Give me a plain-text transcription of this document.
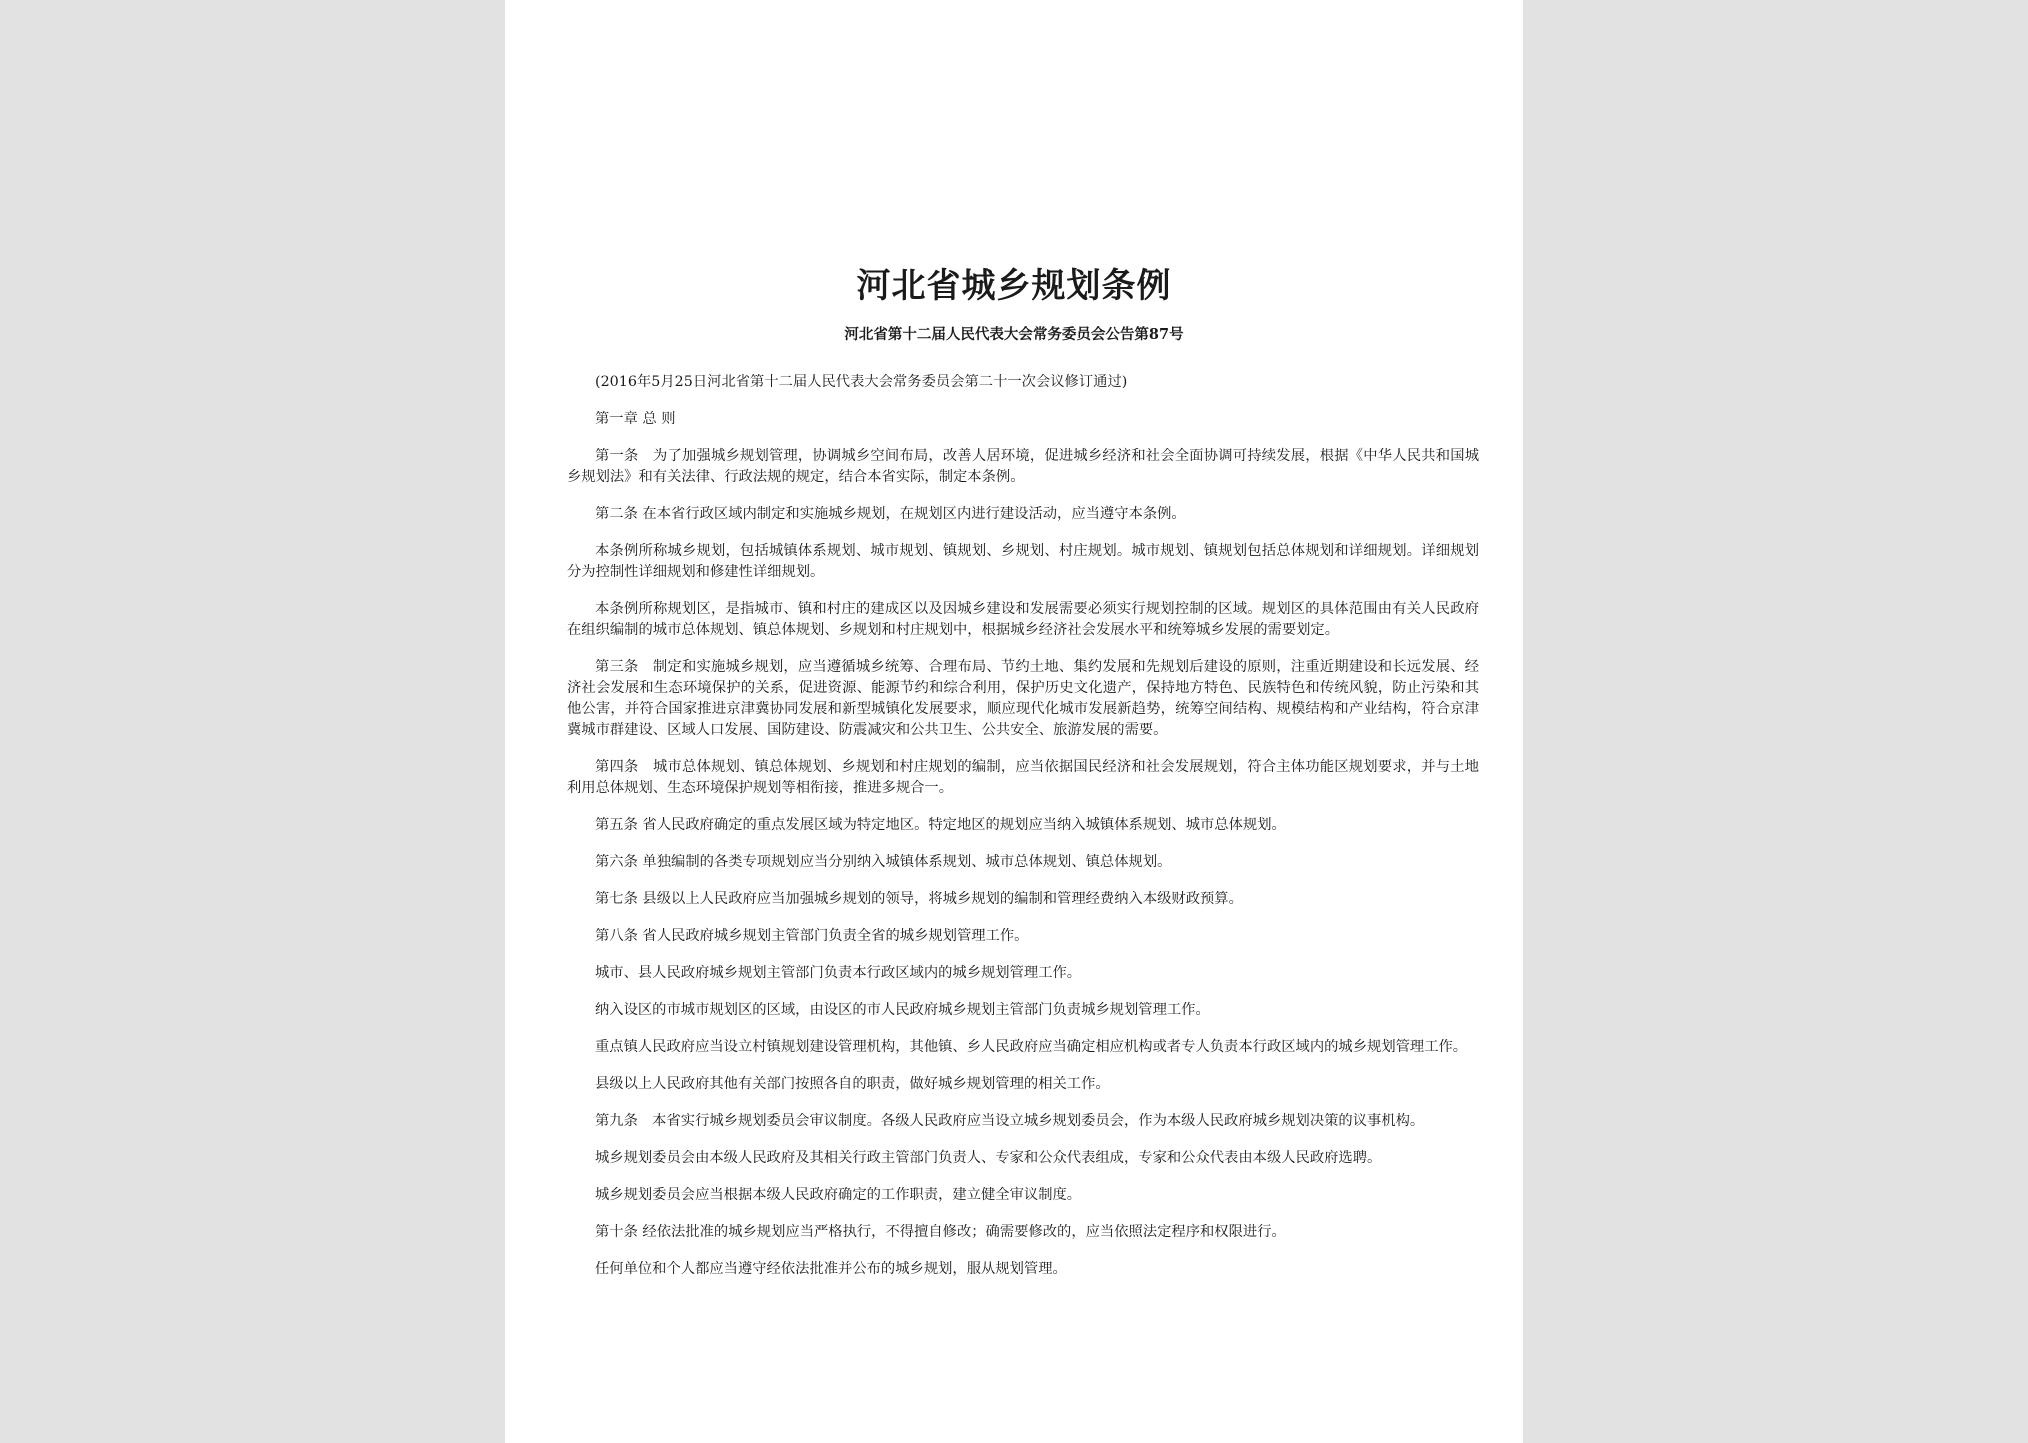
河北省城乡规划条例
河北省第十二届人民代表大会常务委员会公告第87号

(2016年5月25日河北省第十二届人民代表大会常务委员会第二十一次会议修订通过)

第一章 总 则

第一条　为了加强城乡规划管理，协调城乡空间布局，改善人居环境，促进城乡经济和社会全面协调可持续发展，根据《中华人民共和国城乡规划法》和有关法律、行政法规的规定，结合本省实际，制定本条例。

第二条 在本省行政区域内制定和实施城乡规划，在规划区内进行建设活动，应当遵守本条例。

本条例所称城乡规划，包括城镇体系规划、城市规划、镇规划、乡规划、村庄规划。城市规划、镇规划包括总体规划和详细规划。详细规划分为控制性详细规划和修建性详细规划。

本条例所称规划区，是指城市、镇和村庄的建成区以及因城乡建设和发展需要必须实行规划控制的区域。规划区的具体范围由有关人民政府在组织编制的城市总体规划、镇总体规划、乡规划和村庄规划中，根据城乡经济社会发展水平和统筹城乡发展的需要划定。

第三条　制定和实施城乡规划，应当遵循城乡统筹、合理布局、节约土地、集约发展和先规划后建设的原则，注重近期建设和长远发展、经济社会发展和生态环境保护的关系，促进资源、能源节约和综合利用，保护历史文化遗产，保持地方特色、民族特色和传统风貌，防止污染和其他公害，并符合国家推进京津冀协同发展和新型城镇化发展要求，顺应现代化城市发展新趋势，统筹空间结构、规模结构和产业结构，符合京津冀城市群建设、区域人口发展、国防建设、防震减灾和公共卫生、公共安全、旅游发展的需要。

第四条　城市总体规划、镇总体规划、乡规划和村庄规划的编制，应当依据国民经济和社会发展规划，符合主体功能区规划要求，并与土地利用总体规划、生态环境保护规划等相衔接，推进多规合一。

第五条 省人民政府确定的重点发展区域为特定地区。特定地区的规划应当纳入城镇体系规划、城市总体规划。

第六条 单独编制的各类专项规划应当分别纳入城镇体系规划、城市总体规划、镇总体规划。

第七条 县级以上人民政府应当加强城乡规划的领导，将城乡规划的编制和管理经费纳入本级财政预算。

第八条 省人民政府城乡规划主管部门负责全省的城乡规划管理工作。

城市、县人民政府城乡规划主管部门负责本行政区域内的城乡规划管理工作。

纳入设区的市城市规划区的区域，由设区的市人民政府城乡规划主管部门负责城乡规划管理工作。

重点镇人民政府应当设立村镇规划建设管理机构，其他镇、乡人民政府应当确定相应机构或者专人负责本行政区域内的城乡规划管理工作。

县级以上人民政府其他有关部门按照各自的职责，做好城乡规划管理的相关工作。

第九条　本省实行城乡规划委员会审议制度。各级人民政府应当设立城乡规划委员会，作为本级人民政府城乡规划决策的议事机构。

城乡规划委员会由本级人民政府及其相关行政主管部门负责人、专家和公众代表组成，专家和公众代表由本级人民政府选聘。

城乡规划委员会应当根据本级人民政府确定的工作职责，建立健全审议制度。

第十条 经依法批准的城乡规划应当严格执行，不得擅自修改；确需要修改的，应当依照法定程序和权限进行。

任何单位和个人都应当遵守经依法批准并公布的城乡规划，服从规划管理。
